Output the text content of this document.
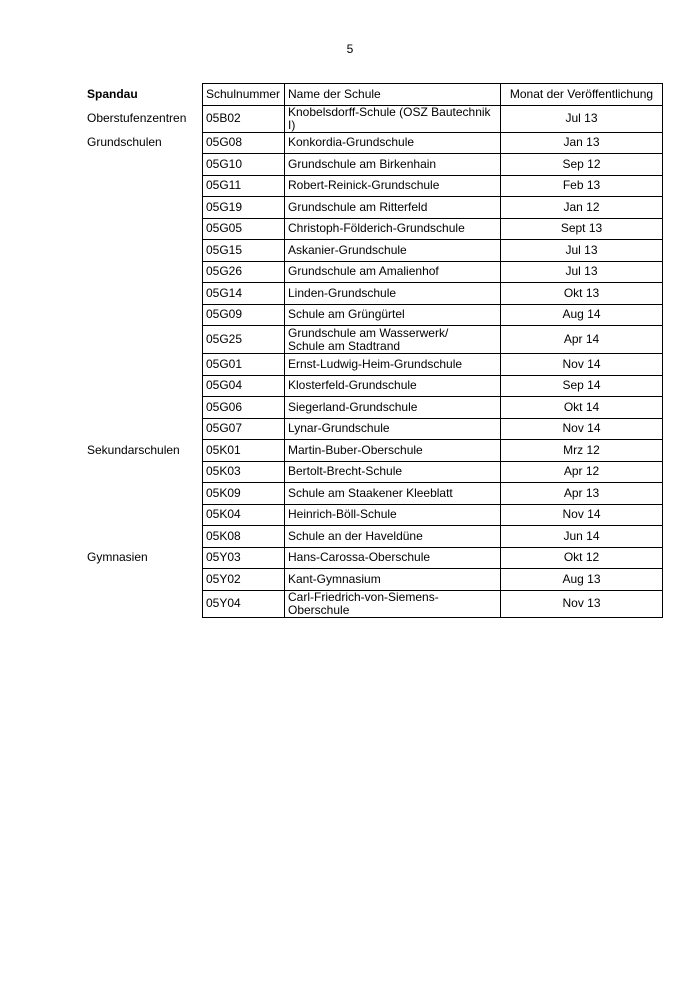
5
Spandau	Schulnummer	Name der Schule	Monat der Veröffentlichung
Oberstufenzentren	05B02	Knobelsdorff-Schule (OSZ Bautechnik I)	Jul 13
Grundschulen	05G08	Konkordia-Grundschule	Jan 13
	05G10	Grundschule am Birkenhain	Sep 12
	05G11	Robert-Reinick-Grundschule	Feb 13
	05G19	Grundschule am Ritterfeld	Jan 12
	05G05	Christoph-Földerich-Grundschule	Sept 13
	05G15	Askanier-Grundschule	Jul 13
	05G26	Grundschule am Amalienhof	Jul 13
	05G14	Linden-Grundschule	Okt 13
	05G09	Schule am Grüngürtel	Aug 14
	05G25	Grundschule am Wasserwerk/
Schule am Stadtrand	Apr 14
	05G01	Ernst-Ludwig-Heim-Grundschule	Nov 14
	05G04	Klosterfeld-Grundschule	Sep 14
	05G06	Siegerland-Grundschule	Okt 14
	05G07	Lynar-Grundschule	Nov 14
Sekundarschulen	05K01	Martin-Buber-Oberschule	Mrz 12
	05K03	Bertolt-Brecht-Schule	Apr 12
	05K09	Schule am Staakener Kleeblatt	Apr 13
	05K04	Heinrich-Böll-Schule	Nov 14
	05K08	Schule an der Haveldüne	Jun 14
Gymnasien	05Y03	Hans-Carossa-Oberschule	Okt 12
	05Y02	Kant-Gymnasium	Aug 13
	05Y04	Carl-Friedrich-von-Siemens-Oberschule	Nov 13
